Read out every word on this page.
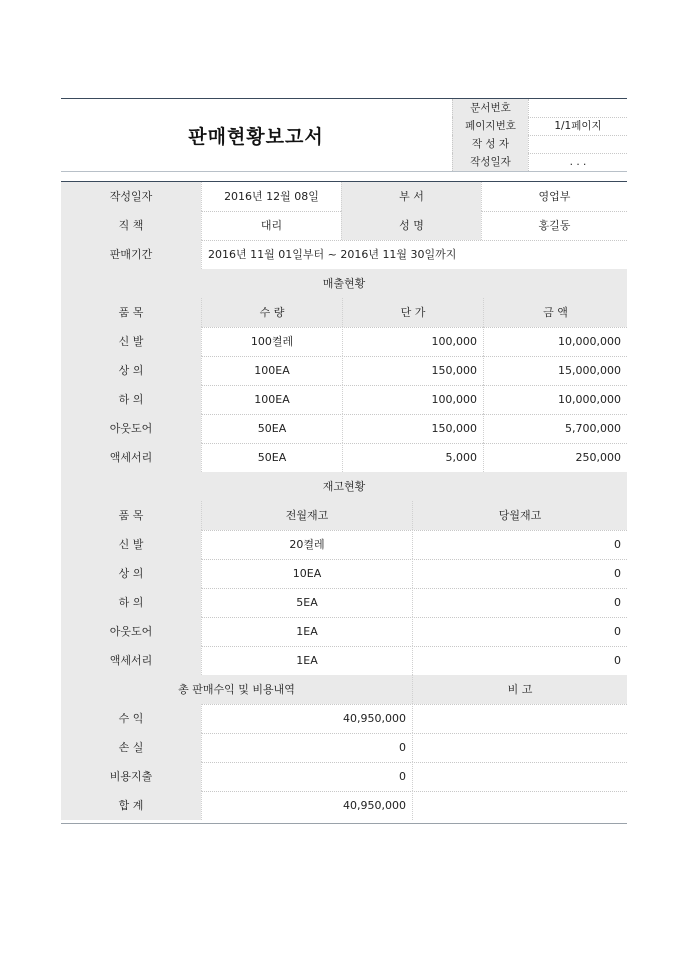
판매현황보고서
문서번호
페이지번호	1/1페이지
작 성 자
작성일자	. . .
작성일자	2016년 12월 08일	부 서	영업부
직 책	대리	성 명	홍길동
판매기간	2016년 11월 01일부터 ~ 2016년 11월 30일까지
매출현황
품 목	수 량	단 가	금 액
신 발	100켤레	100,000	10,000,000
상 의	100EA	150,000	15,000,000
하 의	100EA	100,000	10,000,000
아웃도어	50EA	150,000	5,700,000
액세서리	50EA	5,000	250,000
재고현황
품 목	전월재고	당월재고
신 발	20켤레	0
상 의	10EA	0
하 의	5EA	0
아웃도어	1EA	0
액세서리	1EA	0
총 판매수익 및 비용내역	비 고
수 익	40,950,000
손 실	0
비용지출	0
합 계	40,950,000
